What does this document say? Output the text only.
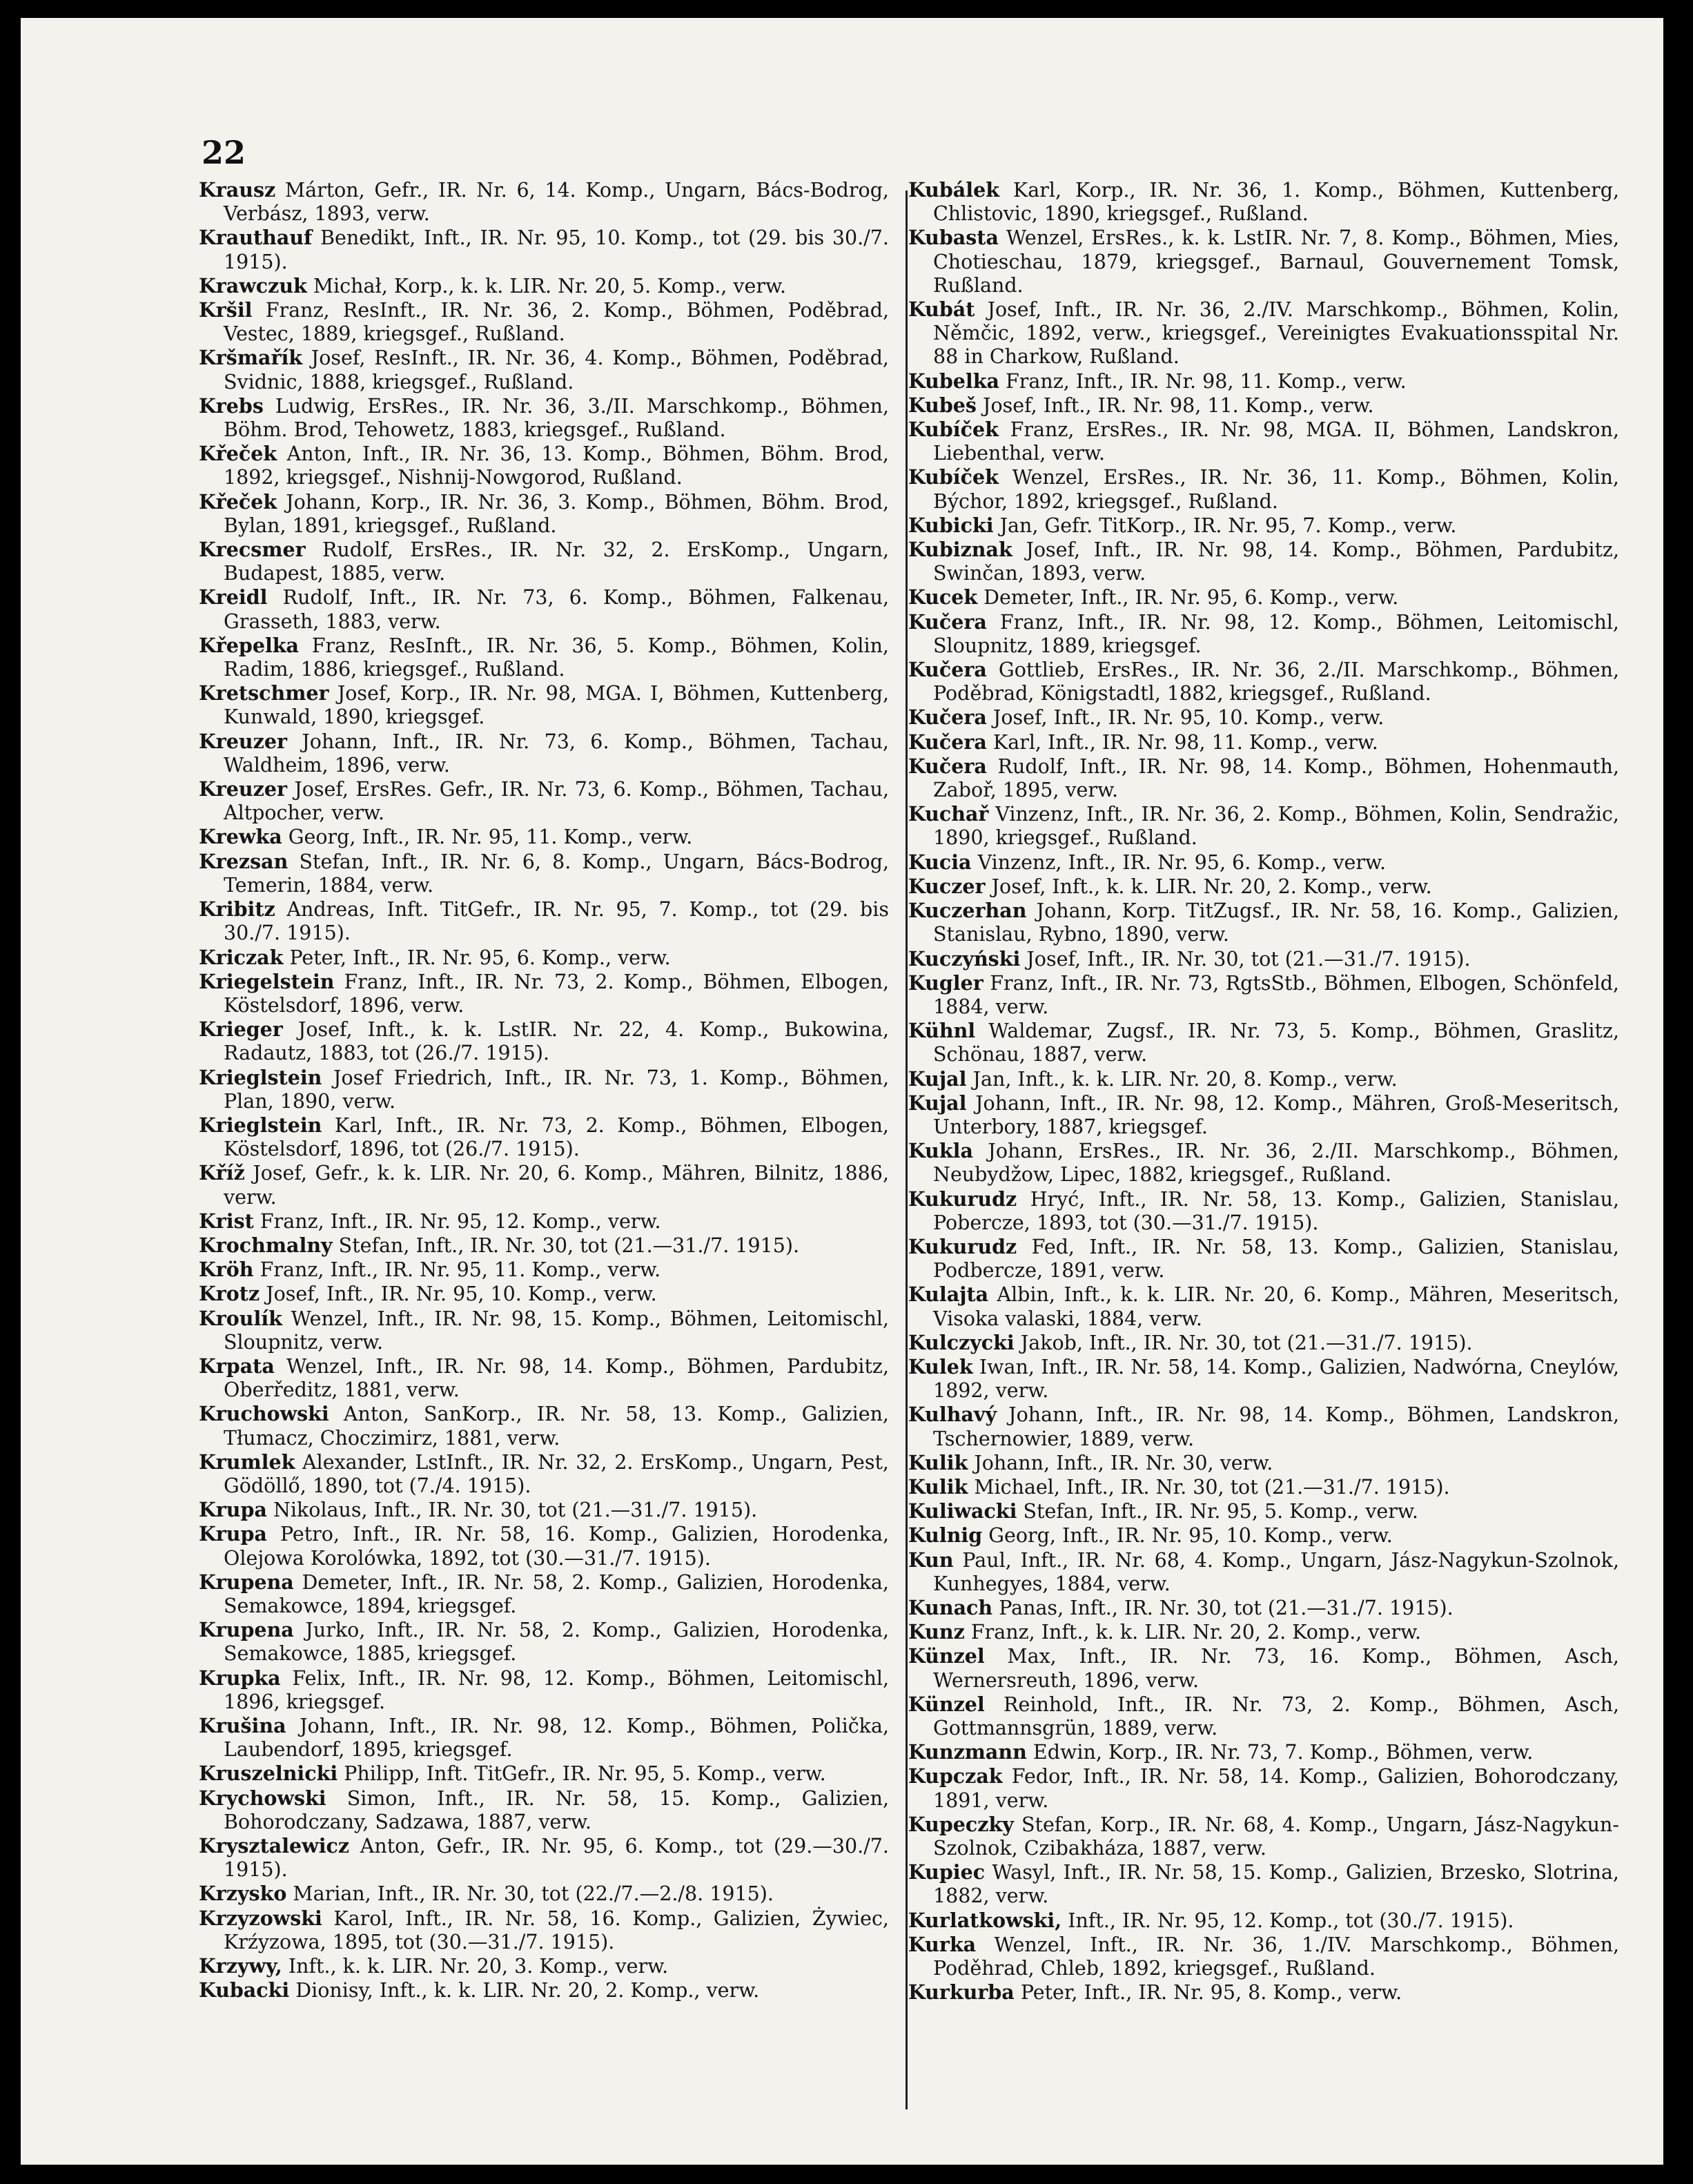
22
Krausz Márton, Gefr., IR. Nr. 6, 14. Komp., Ungarn, Bács-Bodrog, Verbász, 1893, verw.
Krauthauf Benedikt, Inft., IR. Nr. 95, 10. Komp., tot (29. bis 30./7. 1915).
Krawczuk Michał, Korp., k. k. LIR. Nr. 20, 5. Komp., verw.
Kršil Franz, ResInft., IR. Nr. 36, 2. Komp., Böhmen, Poděbrad, Vestec, 1889, kriegsgef., Rußland.
Kršmařík Josef, ResInft., IR. Nr. 36, 4. Komp., Böhmen, Poděbrad, Svidnic, 1888, kriegsgef., Rußland.
Krebs Ludwig, ErsRes., IR. Nr. 36, 3./II. Marschkomp., Böhmen, Böhm. Brod, Tehowetz, 1883, kriegsgef., Rußland.
Křeček Anton, Inft., IR. Nr. 36, 13. Komp., Böhmen, Böhm. Brod, 1892, kriegsgef., Nishnij-Nowgorod, Rußland.
Křeček Johann, Korp., IR. Nr. 36, 3. Komp., Böhmen, Böhm. Brod, Bylan, 1891, kriegsgef., Rußland.
Krecsmer Rudolf, ErsRes., IR. Nr. 32, 2. ErsKomp., Ungarn, Budapest, 1885, verw.
Kreidl Rudolf, Inft., IR. Nr. 73, 6. Komp., Böhmen, Falkenau, Grasseth, 1883, verw.
Křepelka Franz, ResInft., IR. Nr. 36, 5. Komp., Böhmen, Kolin, Radim, 1886, kriegsgef., Rußland.
Kretschmer Josef, Korp., IR. Nr. 98, MGA. I, Böhmen, Kuttenberg, Kunwald, 1890, kriegsgef.
Kreuzer Johann, Inft., IR. Nr. 73, 6. Komp., Böhmen, Tachau, Waldheim, 1896, verw.
Kreuzer Josef, ErsRes. Gefr., IR. Nr. 73, 6. Komp., Böhmen, Tachau, Altpocher, verw.
Krewka Georg, Inft., IR. Nr. 95, 11. Komp., verw.
Krezsan Stefan, Inft., IR. Nr. 6, 8. Komp., Ungarn, Bács-Bodrog, Temerin, 1884, verw.
Kribitz Andreas, Inft. TitGefr., IR. Nr. 95, 7. Komp., tot (29. bis 30./7. 1915).
Kriczak Peter, Inft., IR. Nr. 95, 6. Komp., verw.
Kriegelstein Franz, Inft., IR. Nr. 73, 2. Komp., Böhmen, Elbogen, Köstelsdorf, 1896, verw.
Krieger Josef, Inft., k. k. LstIR. Nr. 22, 4. Komp., Bukowina, Radautz, 1883, tot (26./7. 1915).
Krieglstein Josef Friedrich, Inft., IR. Nr. 73, 1. Komp., Böhmen, Plan, 1890, verw.
Krieglstein Karl, Inft., IR. Nr. 73, 2. Komp., Böhmen, Elbogen, Köstelsdorf, 1896, tot (26./7. 1915).
Kříž Josef, Gefr., k. k. LIR. Nr. 20, 6. Komp., Mähren, Bilnitz, 1886, verw.
Krist Franz, Inft., IR. Nr. 95, 12. Komp., verw.
Krochmalny Stefan, Inft., IR. Nr. 30, tot (21.—31./7. 1915).
Kröh Franz, Inft., IR. Nr. 95, 11. Komp., verw.
Krotz Josef, Inft., IR. Nr. 95, 10. Komp., verw.
Kroulík Wenzel, Inft., IR. Nr. 98, 15. Komp., Böhmen, Leitomischl, Sloupnitz, verw.
Krpata Wenzel, Inft., IR. Nr. 98, 14. Komp., Böhmen, Pardubitz, Oberředitz, 1881, verw.
Kruchowski Anton, SanKorp., IR. Nr. 58, 13. Komp., Galizien, Tłumacz, Choczimirz, 1881, verw.
Krumlek Alexander, LstInft., IR. Nr. 32, 2. ErsKomp., Ungarn, Pest, Gödöllő, 1890, tot (7./4. 1915).
Krupa Nikolaus, Inft., IR. Nr. 30, tot (21.—31./7. 1915).
Krupa Petro, Inft., IR. Nr. 58, 16. Komp., Galizien, Horodenka, Olejowa Korolówka, 1892, tot (30.—31./7. 1915).
Krupena Demeter, Inft., IR. Nr. 58, 2. Komp., Galizien, Horodenka, Semakowce, 1894, kriegsgef.
Krupena Jurko, Inft., IR. Nr. 58, 2. Komp., Galizien, Horodenka, Semakowce, 1885, kriegsgef.
Krupka Felix, Inft., IR. Nr. 98, 12. Komp., Böhmen, Leitomischl, 1896, kriegsgef.
Krušina Johann, Inft., IR. Nr. 98, 12. Komp., Böhmen, Polička, Laubendorf, 1895, kriegsgef.
Kruszelnicki Philipp, Inft. TitGefr., IR. Nr. 95, 5. Komp., verw.
Krychowski Simon, Inft., IR. Nr. 58, 15. Komp., Galizien, Bohorodczany, Sadzawa, 1887, verw.
Krysztalewicz Anton, Gefr., IR. Nr. 95, 6. Komp., tot (29.—30./7. 1915).
Krzysko Marian, Inft., IR. Nr. 30, tot (22./7.—2./8. 1915).
Krzyzowski Karol, Inft., IR. Nr. 58, 16. Komp., Galizien, Żywiec, Krźyzowa, 1895, tot (30.—31./7. 1915).
Krzywy, Inft., k. k. LIR. Nr. 20, 3. Komp., verw.
Kubacki Dionisy, Inft., k. k. LIR. Nr. 20, 2. Komp., verw.
Kubálek Karl, Korp., IR. Nr. 36, 1. Komp., Böhmen, Kuttenberg, Chlistovic, 1890, kriegsgef., Rußland.
Kubasta Wenzel, ErsRes., k. k. LstIR. Nr. 7, 8. Komp., Böhmen, Mies, Chotieschau, 1879, kriegsgef., Barnaul, Gouvernement Tomsk, Rußland.
Kubát Josef, Inft., IR. Nr. 36, 2./IV. Marschkomp., Böhmen, Kolin, Němčic, 1892, verw., kriegsgef., Vereinigtes Evakuationsspital Nr. 88 in Charkow, Rußland.
Kubelka Franz, Inft., IR. Nr. 98, 11. Komp., verw.
Kubeš Josef, Inft., IR. Nr. 98, 11. Komp., verw.
Kubíček Franz, ErsRes., IR. Nr. 98, MGA. II, Böhmen, Landskron, Liebenthal, verw.
Kubíček Wenzel, ErsRes., IR. Nr. 36, 11. Komp., Böhmen, Kolin, Býchor, 1892, kriegsgef., Rußland.
Kubicki Jan, Gefr. TitKorp., IR. Nr. 95, 7. Komp., verw.
Kubiznak Josef, Inft., IR. Nr. 98, 14. Komp., Böhmen, Pardubitz, Swinčan, 1893, verw.
Kucek Demeter, Inft., IR. Nr. 95, 6. Komp., verw.
Kučera Franz, Inft., IR. Nr. 98, 12. Komp., Böhmen, Leitomischl, Sloupnitz, 1889, kriegsgef.
Kučera Gottlieb, ErsRes., IR. Nr. 36, 2./II. Marschkomp., Böhmen, Poděbrad, Königstadtl, 1882, kriegsgef., Rußland.
Kučera Josef, Inft., IR. Nr. 95, 10. Komp., verw.
Kučera Karl, Inft., IR. Nr. 98, 11. Komp., verw.
Kučera Rudolf, Inft., IR. Nr. 98, 14. Komp., Böhmen, Hohenmauth, Zaboř, 1895, verw.
Kuchař Vinzenz, Inft., IR. Nr. 36, 2. Komp., Böhmen, Kolin, Sendražic, 1890, kriegsgef., Rußland.
Kucia Vinzenz, Inft., IR. Nr. 95, 6. Komp., verw.
Kuczer Josef, Inft., k. k. LIR. Nr. 20, 2. Komp., verw.
Kuczerhan Johann, Korp. TitZugsf., IR. Nr. 58, 16. Komp., Galizien, Stanislau, Rybno, 1890, verw.
Kuczyński Josef, Inft., IR. Nr. 30, tot (21.—31./7. 1915).
Kugler Franz, Inft., IR. Nr. 73, RgtsStb., Böhmen, Elbogen, Schönfeld, 1884, verw.
Kühnl Waldemar, Zugsf., IR. Nr. 73, 5. Komp., Böhmen, Graslitz, Schönau, 1887, verw.
Kujal Jan, Inft., k. k. LIR. Nr. 20, 8. Komp., verw.
Kujal Johann, Inft., IR. Nr. 98, 12. Komp., Mähren, Groß-Meseritsch, Unterbory, 1887, kriegsgef.
Kukla Johann, ErsRes., IR. Nr. 36, 2./II. Marschkomp., Böhmen, Neubydžow, Lipec, 1882, kriegsgef., Rußland.
Kukurudz Hryć, Inft., IR. Nr. 58, 13. Komp., Galizien, Stanislau, Pobercze, 1893, tot (30.—31./7. 1915).
Kukurudz Fed, Inft., IR. Nr. 58, 13. Komp., Galizien, Stanislau, Podbercze, 1891, verw.
Kulajta Albin, Inft., k. k. LIR. Nr. 20, 6. Komp., Mähren, Meseritsch, Visoka valaski, 1884, verw.
Kulczycki Jakob, Inft., IR. Nr. 30, tot (21.—31./7. 1915).
Kulek Iwan, Inft., IR. Nr. 58, 14. Komp., Galizien, Nadwórna, Cneylów, 1892, verw.
Kulhavý Johann, Inft., IR. Nr. 98, 14. Komp., Böhmen, Landskron, Tschernowier, 1889, verw.
Kulik Johann, Inft., IR. Nr. 30, verw.
Kulik Michael, Inft., IR. Nr. 30, tot (21.—31./7. 1915).
Kuliwacki Stefan, Inft., IR. Nr. 95, 5. Komp., verw.
Kulnig Georg, Inft., IR. Nr. 95, 10. Komp., verw.
Kun Paul, Inft., IR. Nr. 68, 4. Komp., Ungarn, Jász-Nagykun-Szolnok, Kunhegyes, 1884, verw.
Kunach Panas, Inft., IR. Nr. 30, tot (21.—31./7. 1915).
Kunz Franz, Inft., k. k. LIR. Nr. 20, 2. Komp., verw.
Künzel Max, Inft., IR. Nr. 73, 16. Komp., Böhmen, Asch, Wernersreuth, 1896, verw.
Künzel Reinhold, Inft., IR. Nr. 73, 2. Komp., Böhmen, Asch, Gottmannsgrün, 1889, verw.
Kunzmann Edwin, Korp., IR. Nr. 73, 7. Komp., Böhmen, verw.
Kupczak Fedor, Inft., IR. Nr. 58, 14. Komp., Galizien, Bohorodczany, 1891, verw.
Kupeczky Stefan, Korp., IR. Nr. 68, 4. Komp., Ungarn, Jász-Nagykun-Szolnok, Czibakháza, 1887, verw.
Kupiec Wasyl, Inft., IR. Nr. 58, 15. Komp., Galizien, Brzesko, Slotrina, 1882, verw.
Kurlatkowski, Inft., IR. Nr. 95, 12. Komp., tot (30./7. 1915).
Kurka Wenzel, Inft., IR. Nr. 36, 1./IV. Marschkomp., Böhmen, Poděhrad, Chleb, 1892, kriegsgef., Rußland.
Kurkurba Peter, Inft., IR. Nr. 95, 8. Komp., verw.
